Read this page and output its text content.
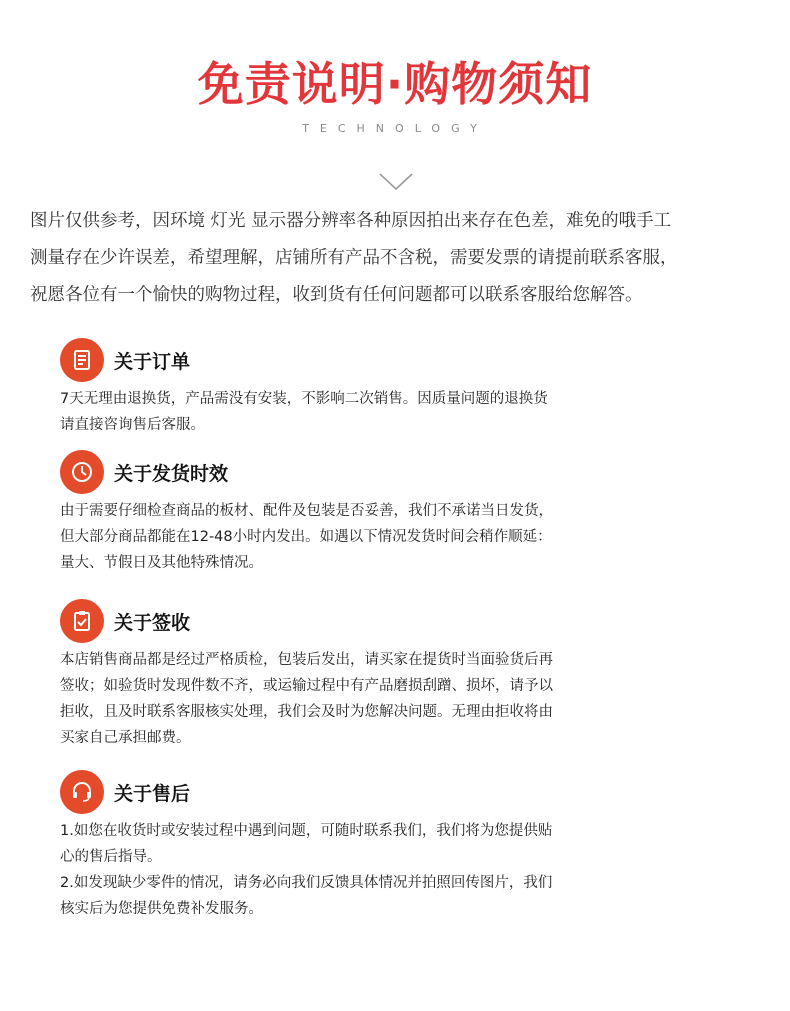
免责说明·购物须知
TECHNOLOGY

图片仅供参考，因环境 灯光 显示器分辨率各种原因拍出来存在色差，难免的哦手工

测量存在少许误差，希望理解，店铺所有产品不含税，需要发票的请提前联系客服，

祝愿各位有一个愉快的购物过程，收到货有任何问题都可以联系客服给您解答。

关于订单
7天无理由退换货，产品需没有安装，不影响二次销售。因质量问题的退换货
请直接咨询售后客服。
关于发货时效
由于需要仔细检查商品的板材、配件及包装是否妥善，我们不承诺当日发货，
但大部分商品都能在12-48小时内发出。如遇以下情况发货时间会稍作顺延：
量大、节假日及其他特殊情况。
关于签收
本店销售商品都是经过严格质检，包装后发出，请买家在提货时当面验货后再
签收；如验货时发现件数不齐，或运输过程中有产品磨损刮蹭、损坏，请予以
拒收，且及时联系客服核实处理，我们会及时为您解决问题。无理由拒收将由
买家自己承担邮费。
关于售后
1.如您在收货时或安装过程中遇到问题，可随时联系我们，我们将为您提供贴
心的售后指导。
2.如发现缺少零件的情况，请务必向我们反馈具体情况并拍照回传图片，我们
核实后为您提供免费补发服务。
